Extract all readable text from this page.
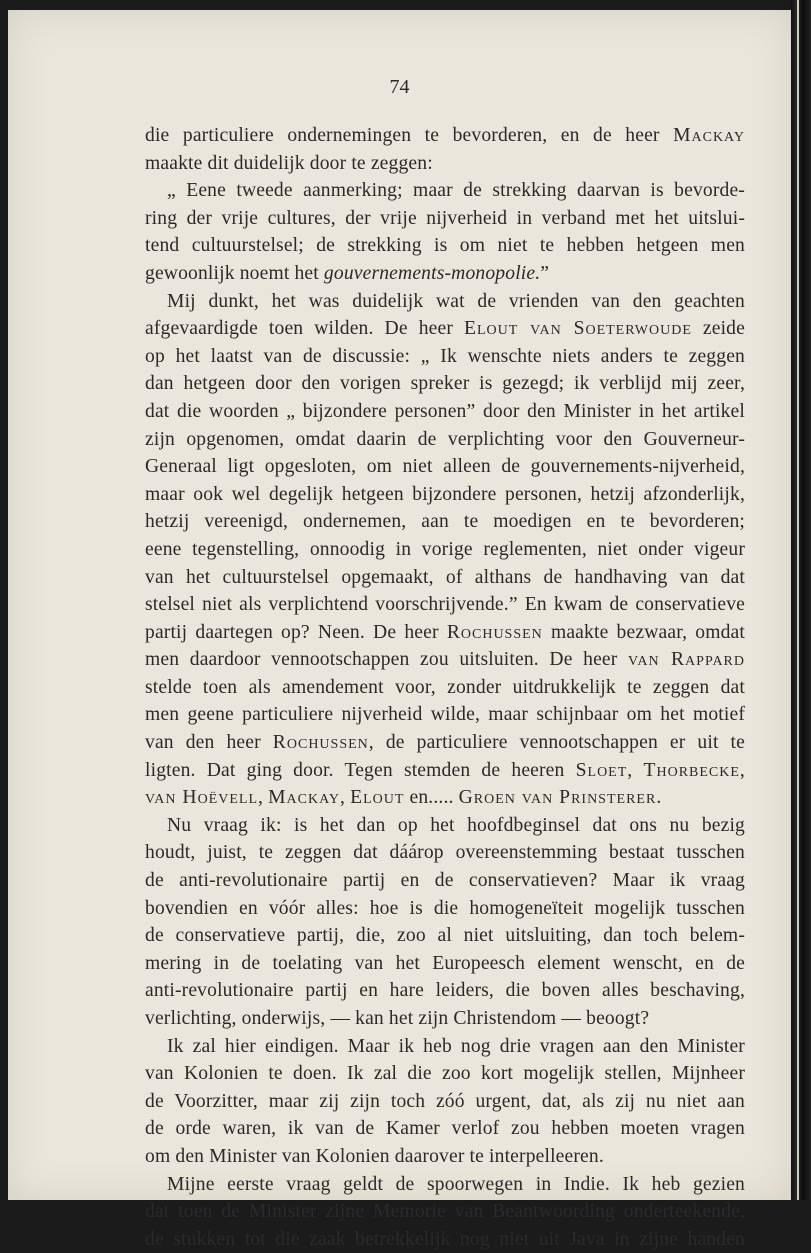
74
die particuliere ondernemingen te bevorderen, en de heer Mackay
maakte dit duidelijk door te zeggen:
„ Eene tweede aanmerking; maar de strekking daarvan is bevorde-
ring der vrije cultures, der vrije nijverheid in verband met het uitslui-
tend cultuurstelsel; de strekking is om niet te hebben hetgeen men
gewoonlijk noemt het gouvernements-monopolie.”
Mij dunkt, het was duidelijk wat de vrienden van den geachten
afgevaardigde toen wilden. De heer Elout van Soeterwoude zeide
op het laatst van de discussie: „ Ik wenschte niets anders te zeggen
dan hetgeen door den vorigen spreker is gezegd; ik verblijd mij zeer,
dat die woorden „ bijzondere personen” door den Minister in het artikel
zijn opgenomen, omdat daarin de verplichting voor den Gouverneur-
Generaal ligt opgesloten, om niet alleen de gouvernements-nijverheid,
maar ook wel degelijk hetgeen bijzondere personen, hetzij afzonderlijk,
hetzij vereenigd, ondernemen, aan te moedigen en te bevorderen;
eene tegenstelling, onnoodig in vorige reglementen, niet onder vigeur
van het cultuurstelsel opgemaakt, of althans de handhaving van dat
stelsel niet als verplichtend voorschrijvende.” En kwam de conservatieve
partij daartegen op? Neen. De heer Rochussen maakte bezwaar, omdat
men daardoor vennootschappen zou uitsluiten. De heer van Rappard
stelde toen als amendement voor, zonder uitdrukkelijk te zeggen dat
men geene particuliere nijverheid wilde, maar schijnbaar om het motief
van den heer Rochussen, de particuliere vennootschappen er uit te
ligten. Dat ging door. Tegen stemden de heeren Sloet, Thorbecke,
van Hoëvell, Mackay, Elout en..... Groen van Prinsterer.
Nu vraag ik: is het dan op het hoofdbeginsel dat ons nu bezig
houdt, juist, te zeggen dat dáárop overeenstemming bestaat tusschen
de anti-revolutionaire partij en de conservatieven? Maar ik vraag
bovendien en vóór alles: hoe is die homogeneïteit mogelijk tusschen
de conservatieve partij, die, zoo al niet uitsluiting, dan toch belem-
mering in de toelating van het Europeesch element wenscht, en de
anti-revolutionaire partij en hare leiders, die boven alles beschaving,
verlichting, onderwijs, — kan het zijn Christendom — beoogt?
Ik zal hier eindigen. Maar ik heb nog drie vragen aan den Minister
van Kolonien te doen. Ik zal die zoo kort mogelijk stellen, Mijnheer
de Voorzitter, maar zij zijn toch zóó urgent, dat, als zij nu niet aan
de orde waren, ik van de Kamer verlof zou hebben moeten vragen
om den Minister van Kolonien daarover te interpelleeren.
Mijne eerste vraag geldt de spoorwegen in Indie. Ik heb gezien
dat toen de Minister zijne Memorie van Beantwoording onderteekende,
de stukken tot die zaak betrekkelijk nog niet uit Java in zijne handen
